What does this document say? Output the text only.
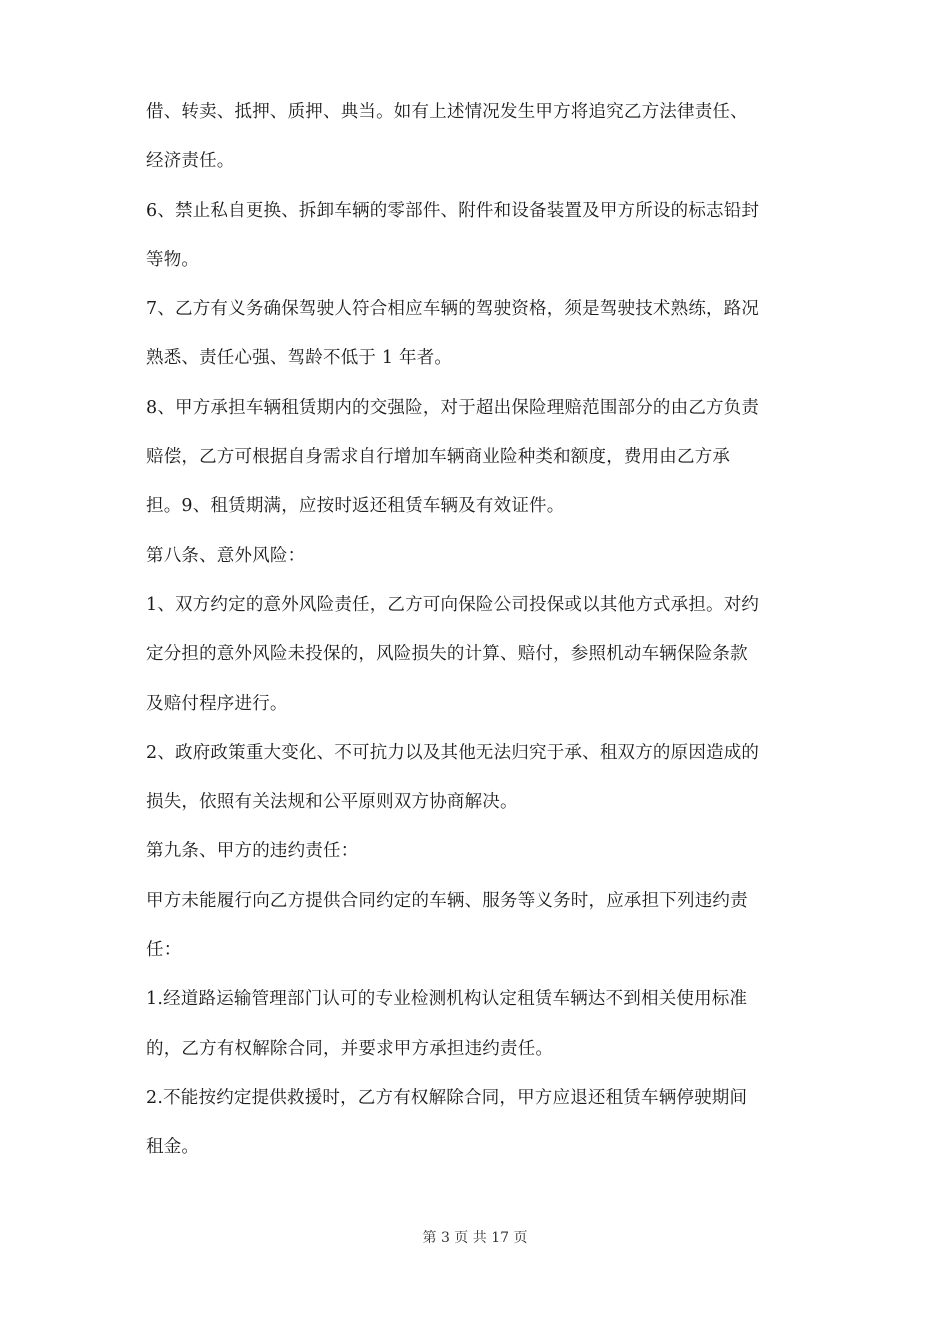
借、转卖、抵押、质押、典当。如有上述情况发生甲方将追究乙方法律责任、
经济责任。
6、禁止私自更换、拆卸车辆的零部件、附件和设备装置及甲方所设的标志铅封
等物。
7、乙方有义务确保驾驶人符合相应车辆的驾驶资格，须是驾驶技术熟练，路况
熟悉、责任心强、驾龄不低于 1 年者。
8、甲方承担车辆租赁期内的交强险，对于超出保险理赔范围部分的由乙方负责
赔偿，乙方可根据自身需求自行增加车辆商业险种类和额度，费用由乙方承
担。9、租赁期满，应按时返还租赁车辆及有效证件。
第八条、意外风险：
1、双方约定的意外风险责任，乙方可向保险公司投保或以其他方式承担。对约
定分担的意外风险未投保的，风险损失的计算、赔付，参照机动车辆保险条款
及赔付程序进行。
2、政府政策重大变化、不可抗力以及其他无法归究于承、租双方的原因造成的
损失，依照有关法规和公平原则双方协商解决。
第九条、甲方的违约责任：
甲方未能履行向乙方提供合同约定的车辆、服务等义务时，应承担下列违约责
任：
1.经道路运输管理部门认可的专业检测机构认定租赁车辆达不到相关使用标准
的，乙方有权解除合同，并要求甲方承担违约责任。
2.不能按约定提供救援时，乙方有权解除合同，甲方应退还租赁车辆停驶期间
租金。
第 3 页 共 17 页
